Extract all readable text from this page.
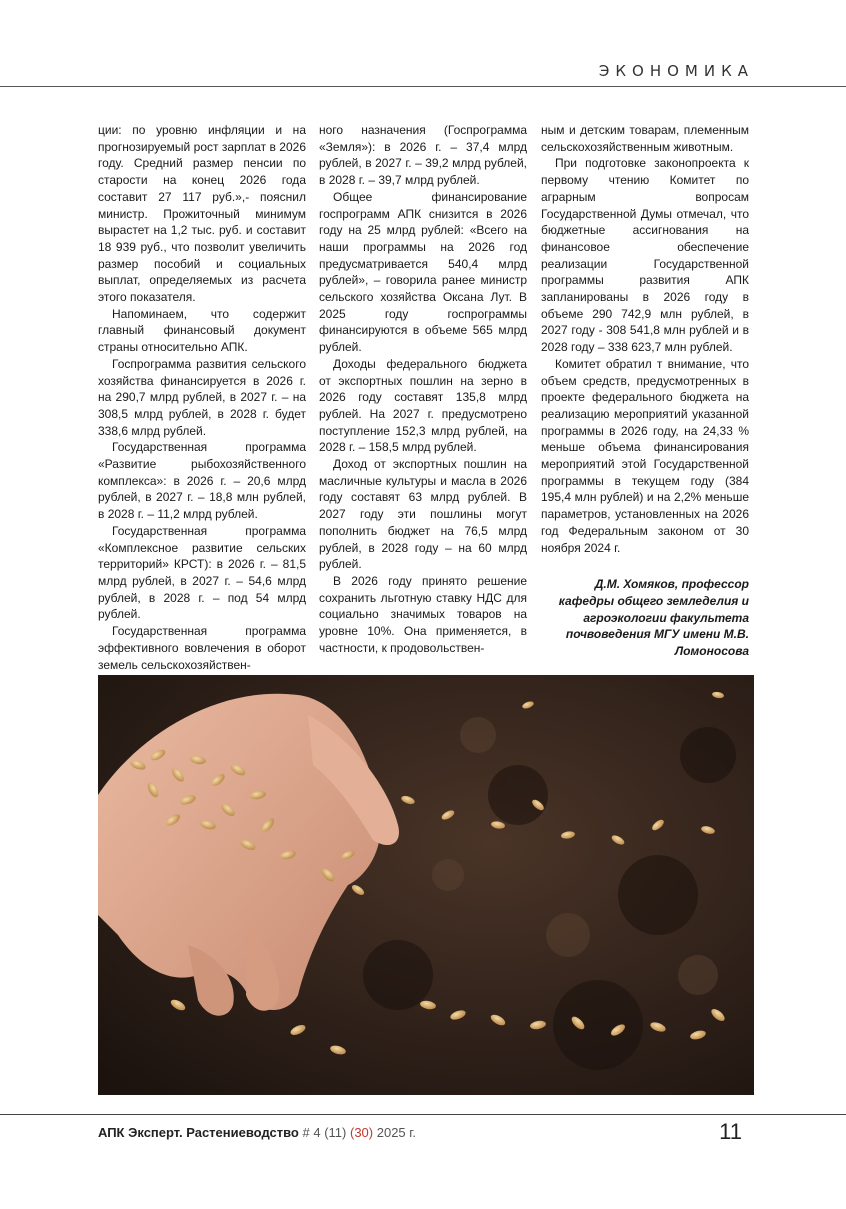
ЭКОНОМИКА

ции: по уровню инфляции и на прогнозируемый рост зарплат в 2026 году. Средний размер пенсии по старости на конец 2026 года составит 27 117 руб.»,- пояснил министр. Прожиточный минимум вырастет на 1,2 тыс. руб. и составит 18 939 руб., что позволит увеличить размер пособий и социальных выплат, определяемых из расчета этого показателя.

Напоминаем, что содержит главный финансовый документ страны относительно АПК.

Госпрограмма развития сельского хозяйства финансируется в 2026 г. на 290,7 млрд рублей, в 2027 г. – на 308,5 млрд рублей, в 2028 г. будет 338,6 млрд рублей.

Государственная программа «Развитие рыбохозяйственного комплекса»: в 2026 г. – 20,6 млрд рублей, в 2027 г. – 18,8 млн рублей, в 2028 г. – 11,2 млрд рублей.

Государственная программа «Комплексное развитие сельских территорий» КРСТ): в 2026 г. – 81,5 млрд рублей, в 2027 г. – 54,6 млрд рублей, в 2028 г. – под 54 млрд рублей.

Государственная программа эффективного вовлечения в оборот земель сельскохозяйствен-

ного назначения (Госпрограмма «Земля»): в 2026 г. – 37,4 млрд рублей, в 2027 г. – 39,2 млрд рублей, в 2028 г. – 39,7 млрд рублей.

Общее финансирование госпрограмм АПК снизится в 2026 году на 25 млрд рублей: «Всего на наши программы на 2026 год предусматривается 540,4 млрд рублей», – говорила ранее министр сельского хозяйства Оксана Лут. В 2025 году госпрограммы финансируются в объеме 565 млрд рублей.

Доходы федерального бюджета от экспортных пошлин на зерно в 2026 году составят 135,8 млрд рублей. На 2027 г. предусмотрено поступление 152,3 млрд рублей, на 2028 г. – 158,5 млрд рублей.

Доход от экспортных пошлин на масличные культуры и масла в 2026 году составят 63 млрд рублей. В 2027 году эти пошлины могут пополнить бюджет на 76,5 млрд рублей, в 2028 году – на 60 млрд рублей.

В 2026 году принято решение сохранить льготную ставку НДС для социально значимых товаров на уровне 10%. Она применяется, в частности, к продовольствен-

ным и детским товарам, племенным сельскохозяйственным животным.

При подготовке законопроекта к первому чтению Комитет по аграрным вопросам Государственной Думы отмечал, что бюджетные ассигнования на финансовое обеспечение реализации Государственной программы развития АПК запланированы в 2026 году в объеме 290 742,9 млн рублей, в 2027 году - 308 541,8 млн рублей и в 2028 году – 338 623,7 млн рублей.

Комитет обратил т внимание, что объем средств, предусмотренных в проекте федерального бюджета на реализацию мероприятий указанной программы в 2026 году, на 24,33 % меньше объема финансирования мероприятий этой Государственной программы в текущем году (384 195,4 млн рублей) и на 2,2% меньше параметров, установленных на 2026 год Федеральным законом от 30 ноября 2024 г.

Д.М. Хомяков, профессор кафедры общего земледелия и агроэкологии факультета почвоведения МГУ имени М.В. Ломоносова

АПК Эксперт. Растениеводство # 4 (11) (30) 2025 г.	11
